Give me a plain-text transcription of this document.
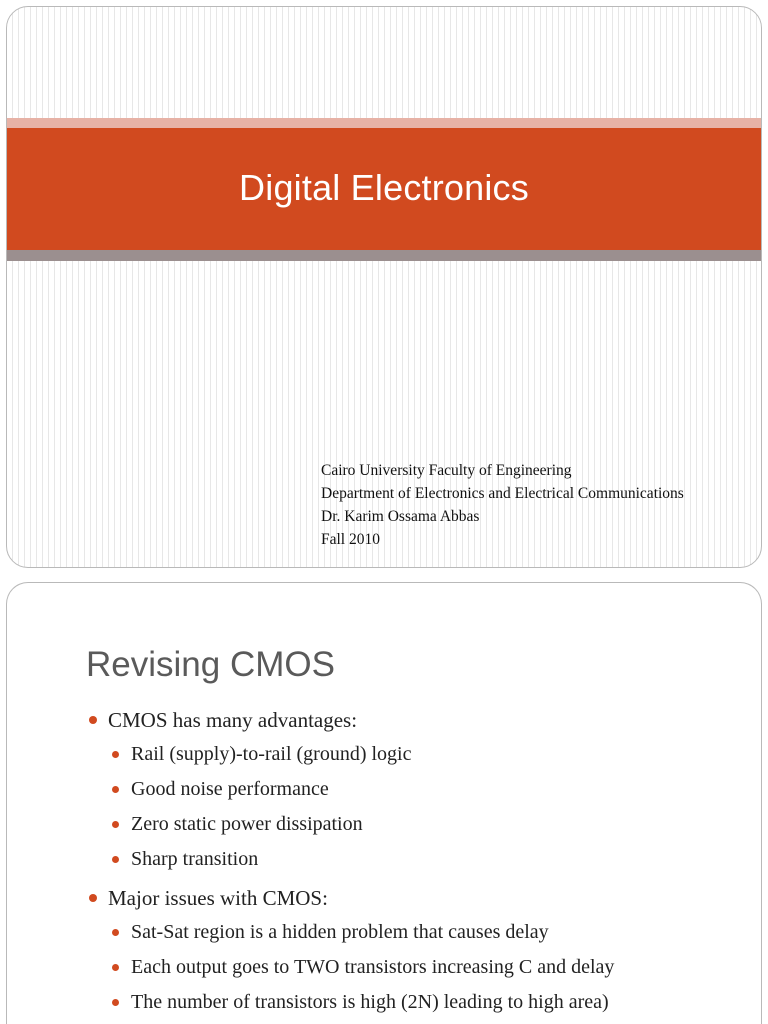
Digital Electronics
Cairo University Faculty of Engineering
Department of Electronics and Electrical Communications
Dr. Karim Ossama Abbas
Fall 2010
Revising CMOS
CMOS has many advantages:
Rail (supply)-to-rail (ground) logic
Good noise performance
Zero static power dissipation
Sharp transition
Major issues with CMOS:
Sat-Sat region is a hidden problem that causes delay
Each output goes to TWO transistors increasing C and delay
The number of transistors is high (2N) leading to high area)
